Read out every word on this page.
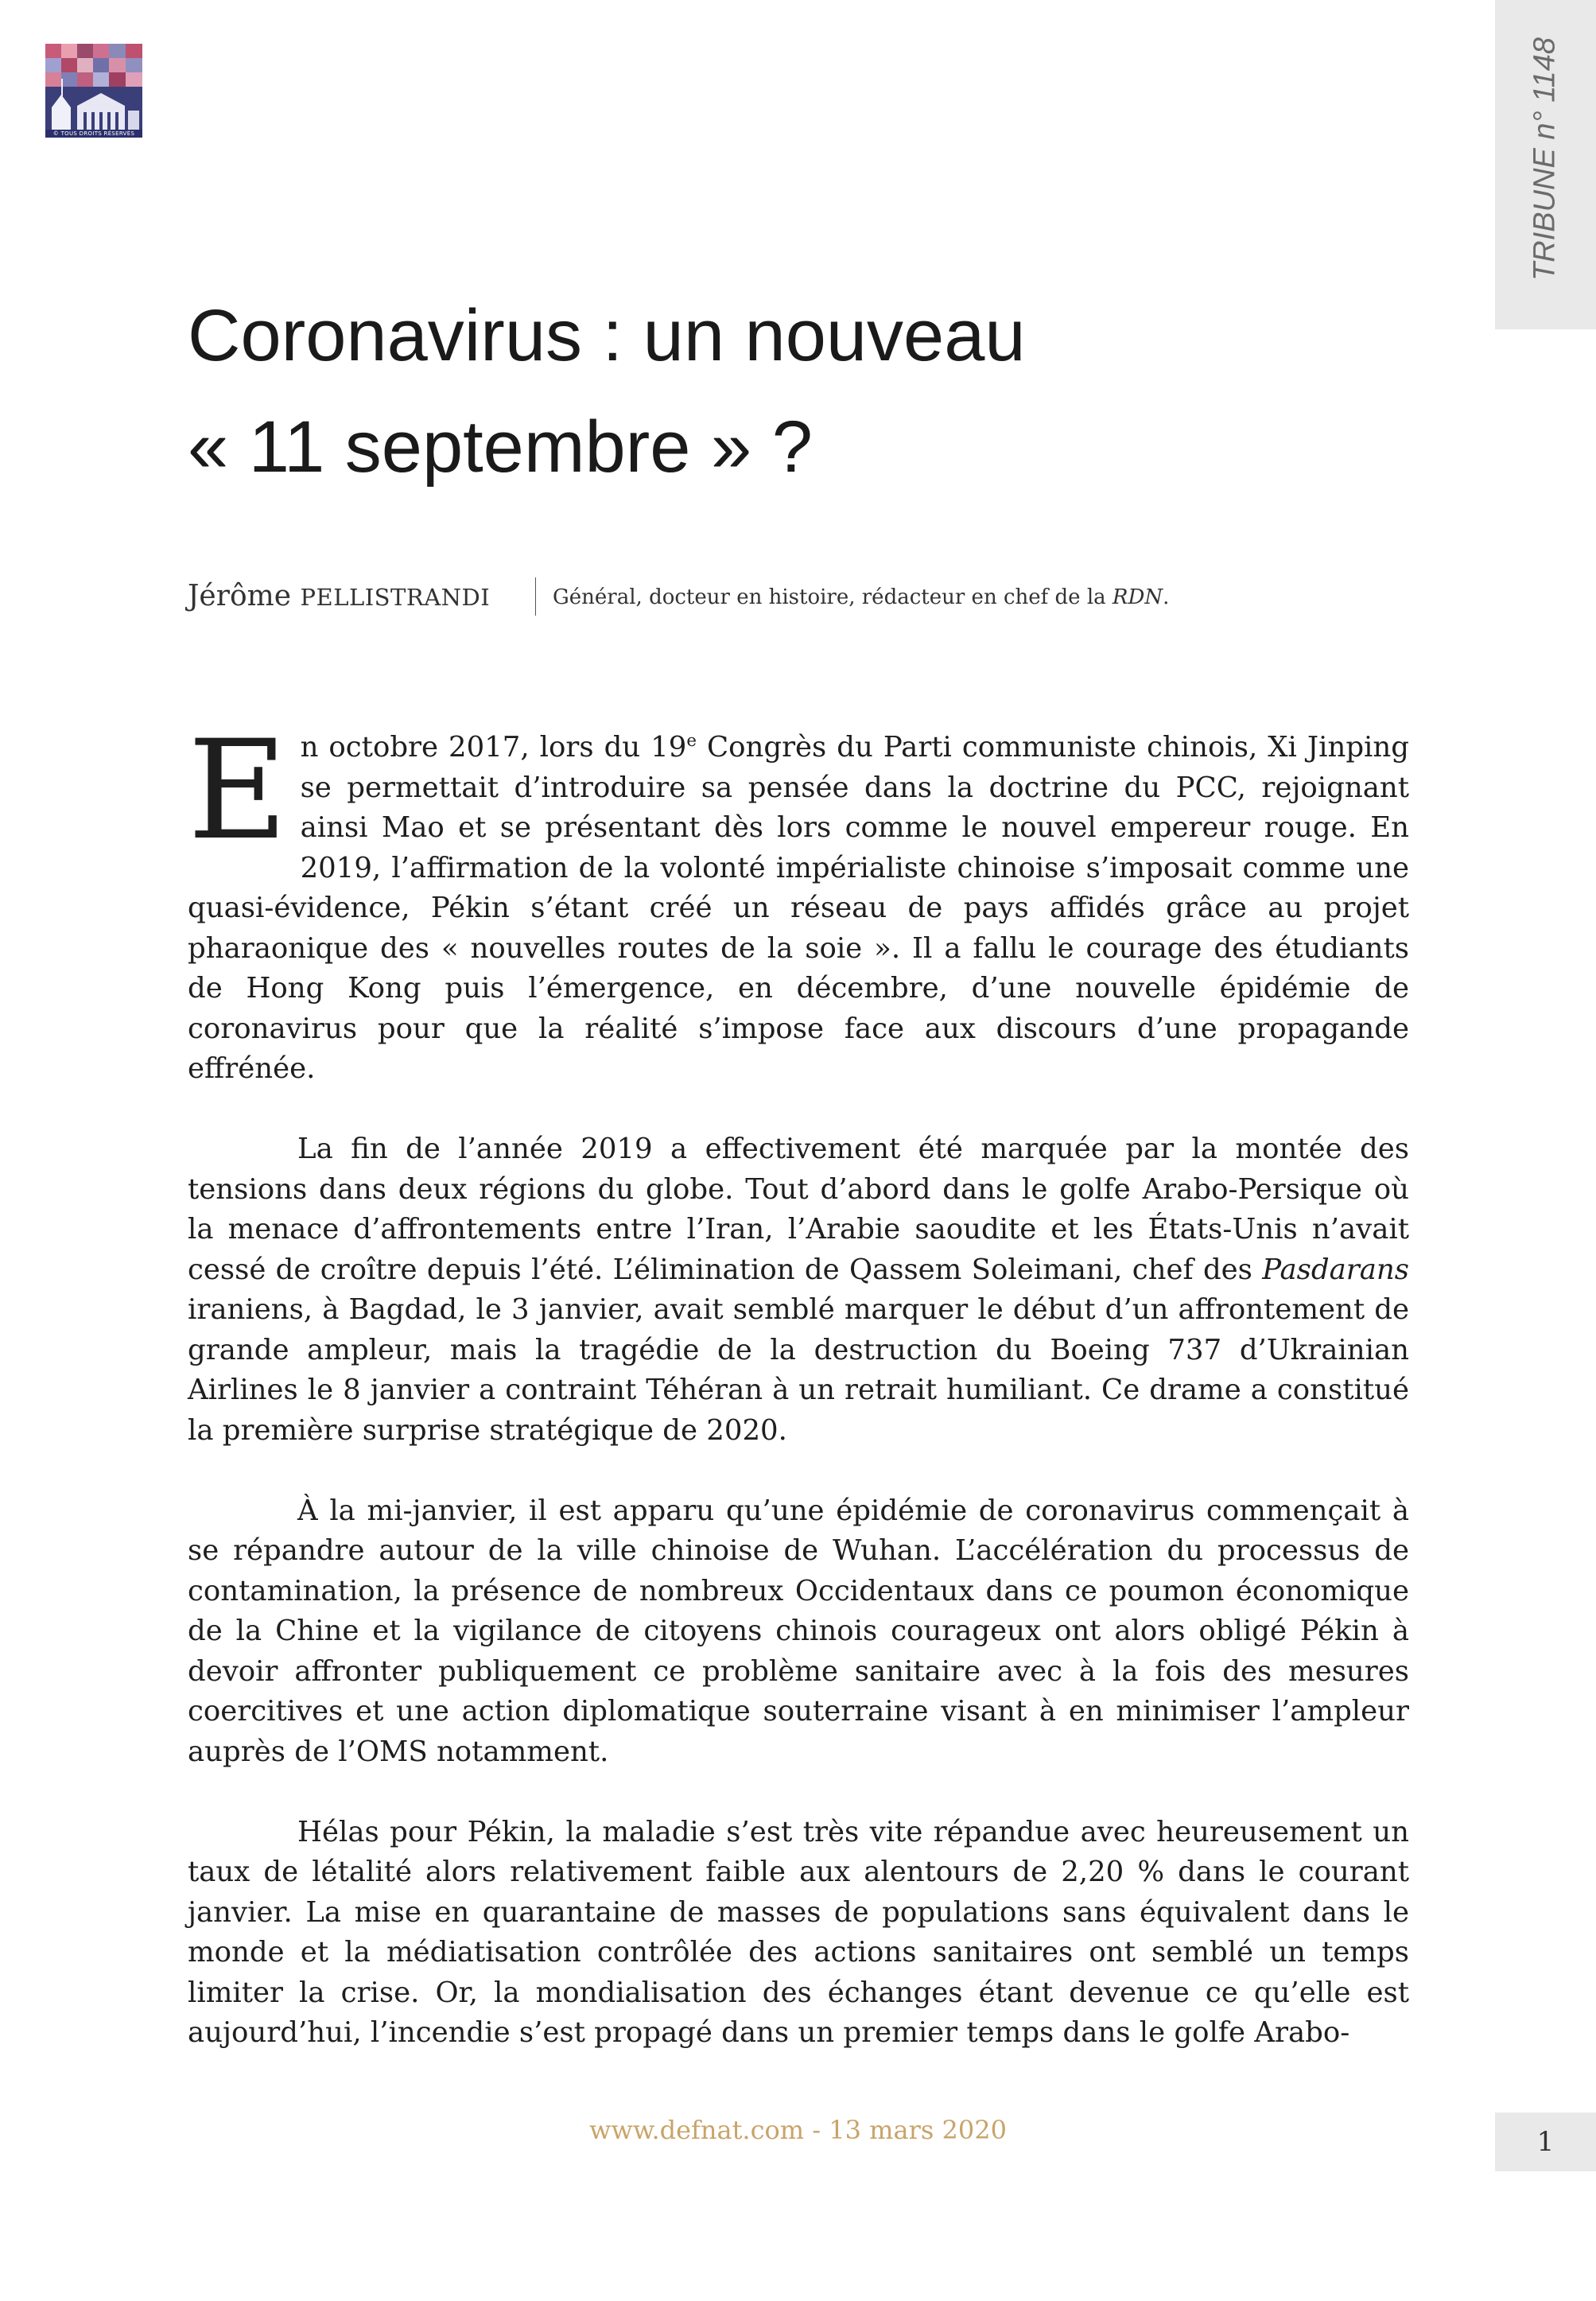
© TOUS DROITS RÉSERVÉS	TRIBUNE n° 1148
Coronavirus : un nouveau
« 11 septembre » ?
Jérôme PELLISTRANDI	Général, docteur en histoire, rédacteur en chef de la RDN.

En octobre 2017, lors du 19e Congrès du Parti communiste chinois, Xi Jinping se permettait d’introduire sa pensée dans la doctrine du PCC, rejoignant ainsi Mao et se présentant dès lors comme le nouvel empereur rouge. En 2019, l’affirmation de la volonté impérialiste chinoise s’imposait comme une quasi-évidence, Pékin s’étant créé un réseau de pays affidés grâce au projet pharaonique des « nouvelles routes de la soie ». Il a fallu le courage des étudiants de Hong Kong puis l’émergence, en décembre, d’une nouvelle épidémie de coronavirus pour que la réalité s’impose face aux discours d’une propagande effrénée.

La fin de l’année 2019 a effectivement été marquée par la montée des tensions dans deux régions du globe. Tout d’abord dans le golfe Arabo-Persique où la menace d’affrontements entre l’Iran, l’Arabie saoudite et les États-Unis n’avait cessé de croître depuis l’été. L’élimination de Qassem Soleimani, chef des Pasdarans iraniens, à Bagdad, le 3 janvier, avait semblé marquer le début d’un affrontement de grande ampleur, mais la tragédie de la destruction du Boeing 737 d’Ukrainian Airlines le 8 janvier a contraint Téhéran à un retrait humiliant. Ce drame a constitué la première surprise stratégique de 2020.

À la mi-janvier, il est apparu qu’une épidémie de coronavirus commençait à se répandre autour de la ville chinoise de Wuhan. L’accélération du processus de contamination, la présence de nombreux Occidentaux dans ce poumon économique de la Chine et la vigilance de citoyens chinois courageux ont alors obligé Pékin à devoir affronter publiquement ce problème sanitaire avec à la fois des mesures coercitives et une action diplomatique souterraine visant à en minimiser l’ampleur auprès de l’OMS notamment.

Hélas pour Pékin, la maladie s’est très vite répandue avec heureusement un taux de létalité alors relativement faible aux alentours de 2,20 % dans le courant janvier. La mise en quarantaine de masses de populations sans équivalent dans le monde et la médiatisation contrôlée des actions sanitaires ont semblé un temps limiter la crise. Or, la mondialisation des échanges étant devenue ce qu’elle est aujourd’hui, l’incendie s’est propagé dans un premier temps dans le golfe Arabo-

www.defnat.com - 13 mars 2020	1
